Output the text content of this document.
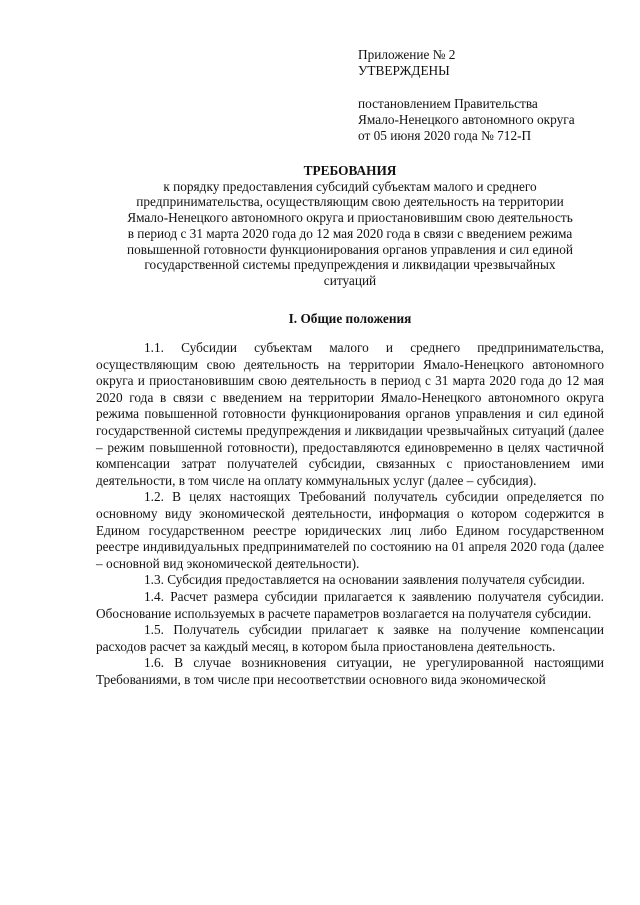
Приложение № 2
УТВЕРЖДЕНЫ
постановлением Правительства
Ямало-Ненецкого автономного округа
от 05 июня 2020 года № 712-П
ТРЕБОВАНИЯ
к порядку предоставления субсидий субъектам малого и среднего
предпринимательства, осуществляющим свою деятельность на территории
Ямало-Ненецкого автономного округа и приостановившим свою деятельность
в период с 31 марта 2020 года до 12 мая 2020 года в связи с введением режима
повышенной готовности функционирования органов управления и сил единой
государственной системы предупреждения и ликвидации чрезвычайных
ситуаций
I. Общие положения

1.1. Субсидии субъектам малого и среднего предпринимательства, осуществляющим свою деятельность на территории Ямало-Ненецкого автономного округа и приостановившим свою деятельность в период с 31 марта 2020 года до 12 мая 2020 года в связи с введением на территории Ямало-Ненецкого автономного округа режима повышенной готовности функционирования органов управления и сил единой государственной системы предупреждения и ликвидации чрезвычайных ситуаций (далее – режим повышенной готовности), предоставляются единовременно в целях частичной компенсации затрат получателей субсидии, связанных с приостановлением ими деятельности, в том числе на оплату коммунальных услуг (далее – субсидия).

1.2. В целях настоящих Требований получатель субсидии определяется по основному виду экономической деятельности, информация о котором содержится в Едином государственном реестре юридических лиц либо Едином государственном реестре индивидуальных предпринимателей по состоянию на 01 апреля 2020 года (далее – основной вид экономической деятельности).

1.3. Субсидия предоставляется на основании заявления получателя субсидии.

1.4. Расчет размера субсидии прилагается к заявлению получателя субсидии. Обоснование используемых в расчете параметров возлагается на получателя субсидии.

1.5. Получатель субсидии прилагает к заявке на получение компенсации расходов расчет за каждый месяц, в котором была приостановлена деятельность.

1.6. В случае возникновения ситуации, не урегулированной настоящими Требованиями, в том числе при несоответствии основного вида экономической
